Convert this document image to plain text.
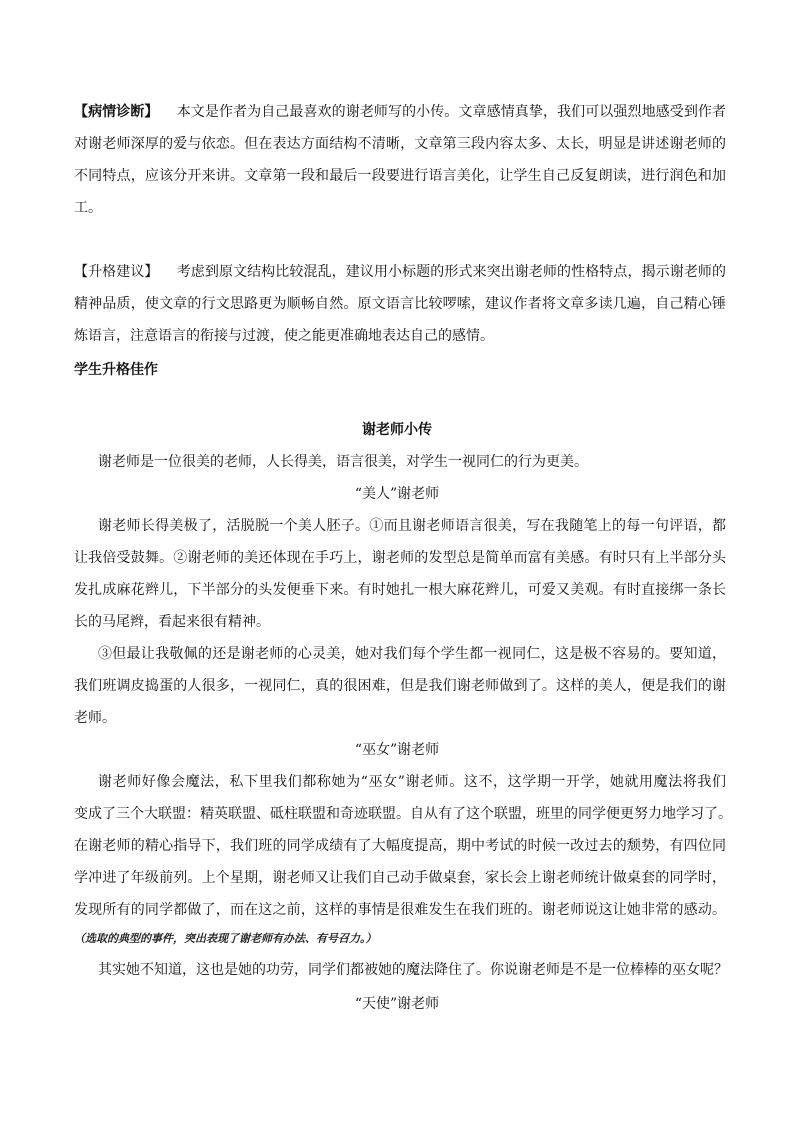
【病情诊断】 本文是作者为自己最喜欢的谢老师写的小传。文章感情真挚，我们可以强烈地感受到作者
对谢老师深厚的爱与依恋。但在表达方面结构不清晰，文章第三段内容太多、太长，明显是讲述谢老师的
不同特点，应该分开来讲。文章第一段和最后一段要进行语言美化，让学生自己反复朗读，进行润色和加
工。
【升格建议】 考虑到原文结构比较混乱，建议用小标题的形式来突出谢老师的性格特点，揭示谢老师的
精神品质，使文章的行文思路更为顺畅自然。原文语言比较啰嗦，建议作者将文章多读几遍，自己精心锤
炼语言，注意语言的衔接与过渡，使之能更准确地表达自己的感情。
学生升格佳作
谢老师小传
谢老师是一位很美的老师，人长得美，语言很美，对学生一视同仁的行为更美。
“美人”谢老师
谢老师长得美极了，活脱脱一个美人胚子。①而且谢老师语言很美，写在我随笔上的每一句评语，都
让我倍受鼓舞。②谢老师的美还体现在手巧上，谢老师的发型总是简单而富有美感。有时只有上半部分头
发扎成麻花辫儿，下半部分的头发便垂下来。有时她扎一根大麻花辫儿，可爱又美观。有时直接绑一条长
长的马尾辫，看起来很有精神。
③但最让我敬佩的还是谢老师的心灵美，她对我们每个学生都一视同仁，这是极不容易的。要知道，
我们班调皮捣蛋的人很多，一视同仁，真的很困难，但是我们谢老师做到了。这样的美人，便是我们的谢
老师。
“巫女”谢老师
谢老师好像会魔法，私下里我们都称她为“巫女”谢老师。这不，这学期一开学，她就用魔法将我们
变成了三个大联盟：精英联盟、砥柱联盟和奇迹联盟。自从有了这个联盟，班里的同学便更努力地学习了。
在谢老师的精心指导下，我们班的同学成绩有了大幅度提高，期中考试的时候一改过去的颓势，有四位同
学冲进了年级前列。上个星期，谢老师又让我们自己动手做桌套，家长会上谢老师统计做桌套的同学时，
发现所有的同学都做了，而在这之前，这样的事情是很难发生在我们班的。谢老师说这让她非常的感动。
（选取的典型的事件，突出表现了谢老师有办法、有号召力。）
其实她不知道，这也是她的功劳，同学们都被她的魔法降住了。你说谢老师是不是一位棒棒的巫女呢？
“天使”谢老师
